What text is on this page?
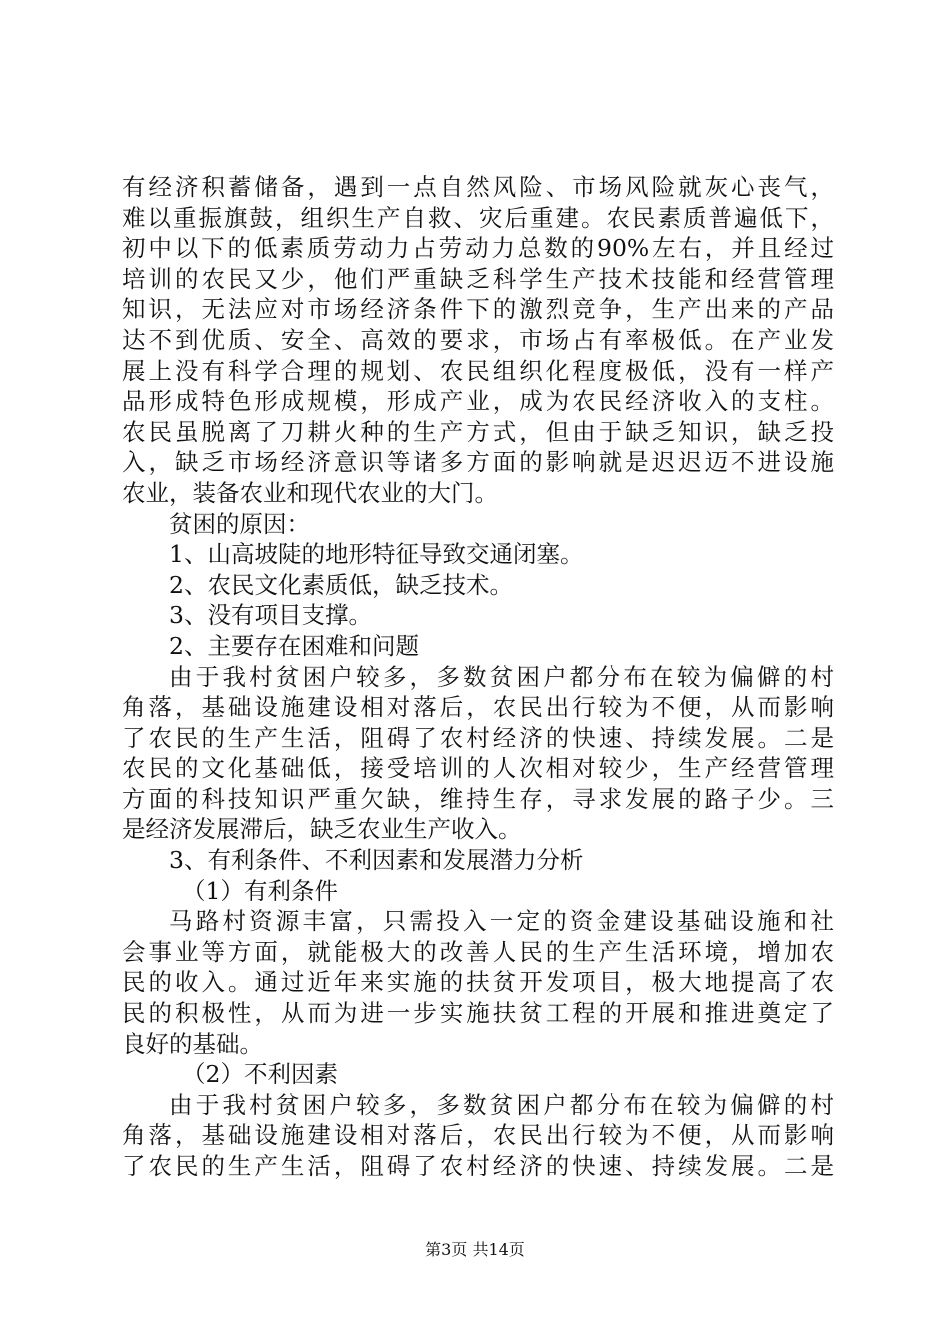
有经济积蓄储备，遇到一点自然风险、市场风险就灰心丧气，
难以重振旗鼓，组织生产自救、灾后重建。农民素质普遍低下，
初中以下的低素质劳动力占劳动力总数的90%左右，并且经过
培训的农民又少，他们严重缺乏科学生产技术技能和经营管理
知识，无法应对市场经济条件下的激烈竞争，生产出来的产品
达不到优质、安全、高效的要求，市场占有率极低。在产业发
展上没有科学合理的规划、农民组织化程度极低，没有一样产
品形成特色形成规模，形成产业，成为农民经济收入的支柱。
农民虽脱离了刀耕火种的生产方式，但由于缺乏知识，缺乏投
入，缺乏市场经济意识等诸多方面的影响就是迟迟迈不进设施
农业，装备农业和现代农业的大门。
贫困的原因：
1、山高坡陡的地形特征导致交通闭塞。
2、农民文化素质低，缺乏技术。
3、没有项目支撑。
2、主要存在困难和问题
由于我村贫困户较多，多数贫困户都分布在较为偏僻的村
角落，基础设施建设相对落后，农民出行较为不便，从而影响
了农民的生产生活，阻碍了农村经济的快速、持续发展。二是
农民的文化基础低，接受培训的人次相对较少，生产经营管理
方面的科技知识严重欠缺，维持生存，寻求发展的路子少。三
是经济发展滞后，缺乏农业生产收入。
3、有利条件、不利因素和发展潜力分析
（1）有利条件
马路村资源丰富，只需投入一定的资金建设基础设施和社
会事业等方面，就能极大的改善人民的生产生活环境，增加农
民的收入。通过近年来实施的扶贫开发项目，极大地提高了农
民的积极性，从而为进一步实施扶贫工程的开展和推进奠定了
良好的基础。
（2）不利因素
由于我村贫困户较多，多数贫困户都分布在较为偏僻的村
角落，基础设施建设相对落后，农民出行较为不便，从而影响
了农民的生产生活，阻碍了农村经济的快速、持续发展。二是
第3页 共14页
